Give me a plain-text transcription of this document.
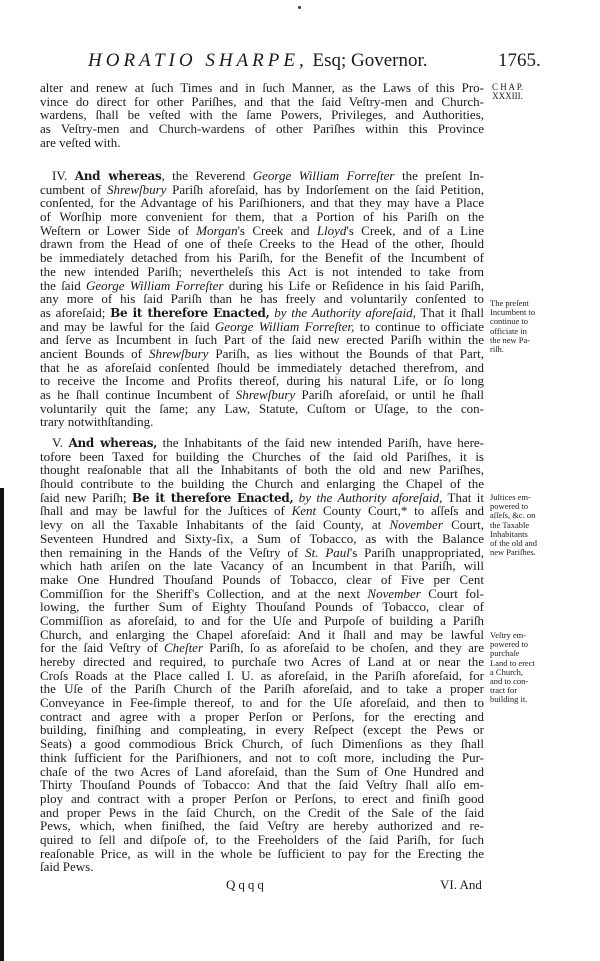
HORATIO SHARPE, Esq; Governor.	1765.
alter and renew at ſuch Times and in ſuch Manner, as the Laws of this Pro-
vince do direct for other Pariſhes, and that the ſaid Veſtry-men and Church-
wardens, ſhall be veſted with the ſame Powers, Privileges, and Authorities,
as Veſtry-men and Church-wardens of other Pariſhes within this Province
are veſted with.
IV. And whereas, the Reverend George William Forreſter the preſent In-
cumbent of Shrewſbury Pariſh aforeſaid, has by Indorſement on the ſaid Petition,
conſented, for the Advantage of his Pariſhioners, and that they may have a Place
of Worſhip more convenient for them, that a Portion of his Pariſh on the
Weſtern or Lower Side of Morgan's Creek and Lloyd's Creek, and of a Line
drawn from the Head of one of theſe Creeks to the Head of the other, ſhould
be immediately detached from his Pariſh, for the Benefit of the Incumbent of
the new intended Pariſh; nevertheleſs this Act is not intended to take from
the ſaid George William Forreſter during his Life or Reſidence in his ſaid Pariſh,
any more of his ſaid Pariſh than he has freely and voluntarily conſented to
as aforeſaid; Be it therefore Enacted, by the Authority aforeſaid, That it ſhall
and may be lawful for the ſaid George William Forreſter, to continue to officiate
and ſerve as Incumbent in ſuch Part of the ſaid new erected Pariſh within the
ancient Bounds of Shrewſbury Pariſh, as lies without the Bounds of that Part,
that he as aforeſaid conſented ſhould be immediately detached therefrom, and
to receive the Income and Profits thereof, during his natural Life, or ſo long
as he ſhall continue Incumbent of Shrewſbury Pariſh aforeſaid, or until he ſhall
voluntarily quit the ſame; any Law, Statute, Cuſtom or Uſage, to the con-
trary notwithſtanding.
V. And whereas, the Inhabitants of the ſaid new intended Pariſh, have here-
tofore been Taxed for building the Churches of the ſaid old Pariſhes, it is
thought reaſonable that all the Inhabitants of both the old and new Pariſhes,
ſhould contribute to the building the Church and enlarging the Chapel of the
ſaid new Pariſh; Be it therefore Enacted, by the Authority aforeſaid, That it
ſhall and may be lawful for the Juſtices of Kent County Court,* to aſſeſs and
levy on all the Taxable Inhabitants of the ſaid County, at November Court,
Seventeen Hundred and Sixty-ſix, a Sum of Tobacco, as with the Balance
then remaining in the Hands of the Veſtry of St. Paul's Pariſh unappropriated,
which hath ariſen on the late Vacancy of an Incumbent in that Pariſh, will
make One Hundred Thouſand Pounds of Tobacco, clear of Five per Cent
Commiſſion for the Sheriff's Collection, and at the next November Court fol-
lowing, the further Sum of Eighty Thouſand Pounds of Tobacco, clear of
Commiſſion as aforeſaid, to and for the Uſe and Purpoſe of building a Pariſh
Church, and enlarging the Chapel aforeſaid: And it ſhall and may be lawful
for the ſaid Veſtry of Cheſter Pariſh, ſo as aforeſaid to be choſen, and they are
hereby directed and required, to purchaſe two Acres of Land at or near the
Croſs Roads at the Place called I. U. as aforeſaid, in the Pariſh aforeſaid, for
the Uſe of the Pariſh Church of the Pariſh aforeſaid, and to take a proper
Conveyance in Fee-ſimple thereof, to and for the Uſe aforeſaid, and then to
contract and agree with a proper Perſon or Perſons, for the erecting and
building, finiſhing and compleating, in every Reſpect (except the Pews or
Seats) a good commodious Brick Church, of ſuch Dimenſions as they ſhall
think ſufficient for the Pariſhioners, and not to coſt more, including the Pur-
chaſe of the two Acres of Land aforeſaid, than the Sum of One Hundred and
Thirty Thouſand Pounds of Tobacco: And that the ſaid Veſtry ſhall alſo em-
ploy and contract with a proper Perſon or Perſons, to erect and finiſh good
and proper Pews in the ſaid Church, on the Credit of the Sale of the ſaid
Pews, which, when finiſhed, the ſaid Veſtry are hereby authorized and re-
quired to ſell and diſpoſe of, to the Freeholders of the ſaid Pariſh, for ſuch
reaſonable Price, as will in the whole be ſufficient to pay for the Erecting the
ſaid Pews.
C H A P.
XXXIII.
The preſent
Incumbent to
continue to
officiate in
the new Pa-
riſh.
Juſtices em-
powered to
aſſeſs, &c. on
the Taxable
Inhabitants
of the old and
new Pariſhes.
Veſtry em-
powered to
purchaſe
Land to erect
a Church,
and to con-
tract for
building it.
Qqqq	VI. And
